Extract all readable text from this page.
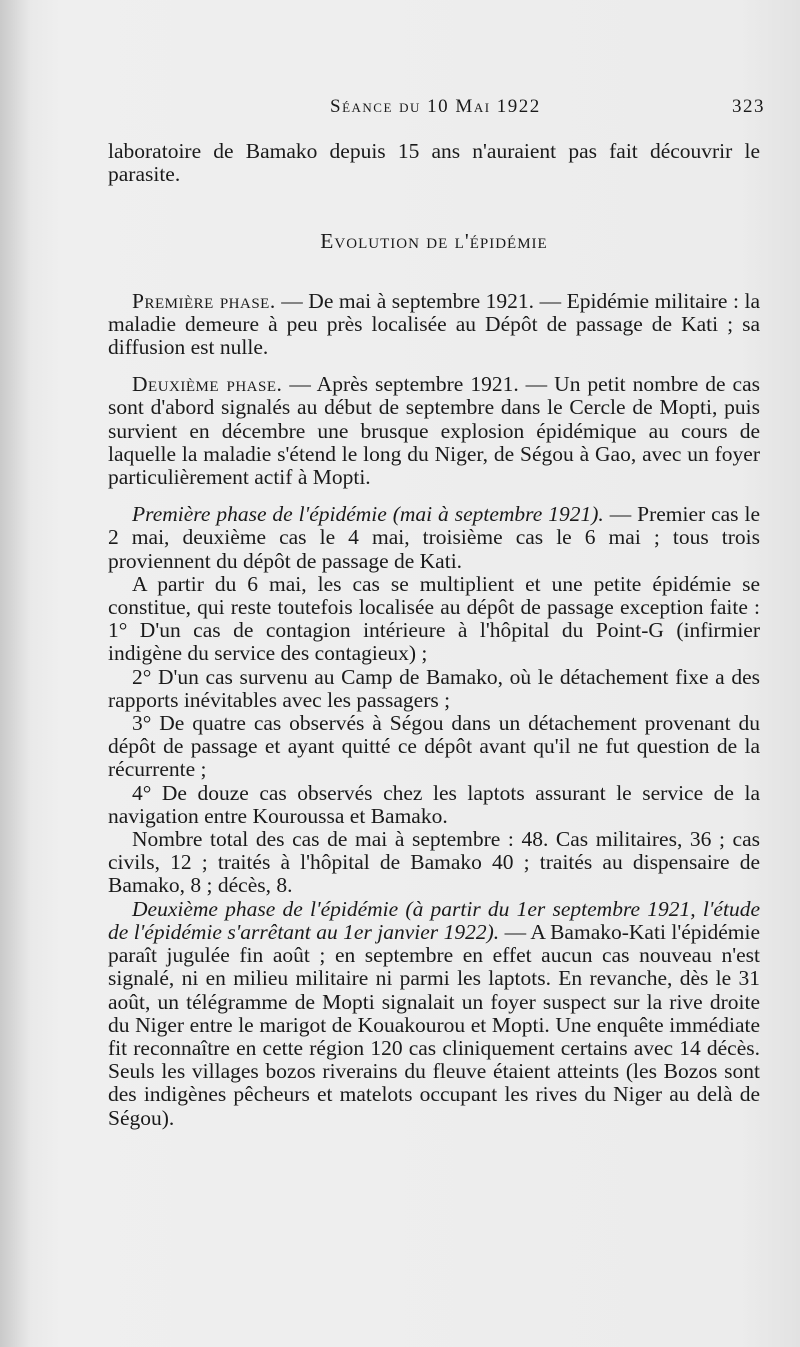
Séance du 10 Mai 1922	323

laboratoire de Bamako depuis 15 ans n'auraient pas fait découvrir le parasite.

Evolution de l'épidémie

Première phase. — De mai à septembre 1921. — Epidémie militaire : la maladie demeure à peu près localisée au Dépôt de passage de Kati ; sa diffusion est nulle.

Deuxième phase. — Après septembre 1921. — Un petit nombre de cas sont d'abord signalés au début de septembre dans le Cercle de Mopti, puis survient en décembre une brusque explosion épidémique au cours de laquelle la maladie s'étend le long du Niger, de Ségou à Gao, avec un foyer particulièrement actif à Mopti.

Première phase de l'épidémie (mai à septembre 1921). — Premier cas le 2 mai, deuxième cas le 4 mai, troisième cas le 6 mai ; tous trois proviennent du dépôt de passage de Kati.

A partir du 6 mai, les cas se multiplient et une petite épidémie se constitue, qui reste toutefois localisée au dépôt de passage exception faite : 1° D'un cas de contagion intérieure à l'hôpital du Point-G (infirmier indigène du service des contagieux) ;

2° D'un cas survenu au Camp de Bamako, où le détachement fixe a des rapports inévitables avec les passagers ;

3° De quatre cas observés à Ségou dans un détachement provenant du dépôt de passage et ayant quitté ce dépôt avant qu'il ne fut question de la récurrente ;

4° De douze cas observés chez les laptots assurant le service de la navigation entre Kouroussa et Bamako.

Nombre total des cas de mai à septembre : 48. Cas militaires, 36 ; cas civils, 12 ; traités à l'hôpital de Bamako 40 ; traités au dispensaire de Bamako, 8 ; décès, 8.

Deuxième phase de l'épidémie (à partir du 1er septembre 1921, l'étude de l'épidémie s'arrêtant au 1er janvier 1922). — A Bamako-Kati l'épidémie paraît jugulée fin août ; en septembre en effet aucun cas nouveau n'est signalé, ni en milieu militaire ni parmi les laptots. En revanche, dès le 31 août, un télégramme de Mopti signalait un foyer suspect sur la rive droite du Niger entre le marigot de Kouakourou et Mopti. Une enquête immédiate fit reconnaître en cette région 120 cas cliniquement certains avec 14 décès. Seuls les villages bozos riverains du fleuve étaient atteints (les Bozos sont des indigènes pêcheurs et matelots occupant les rives du Niger au delà de Ségou).
